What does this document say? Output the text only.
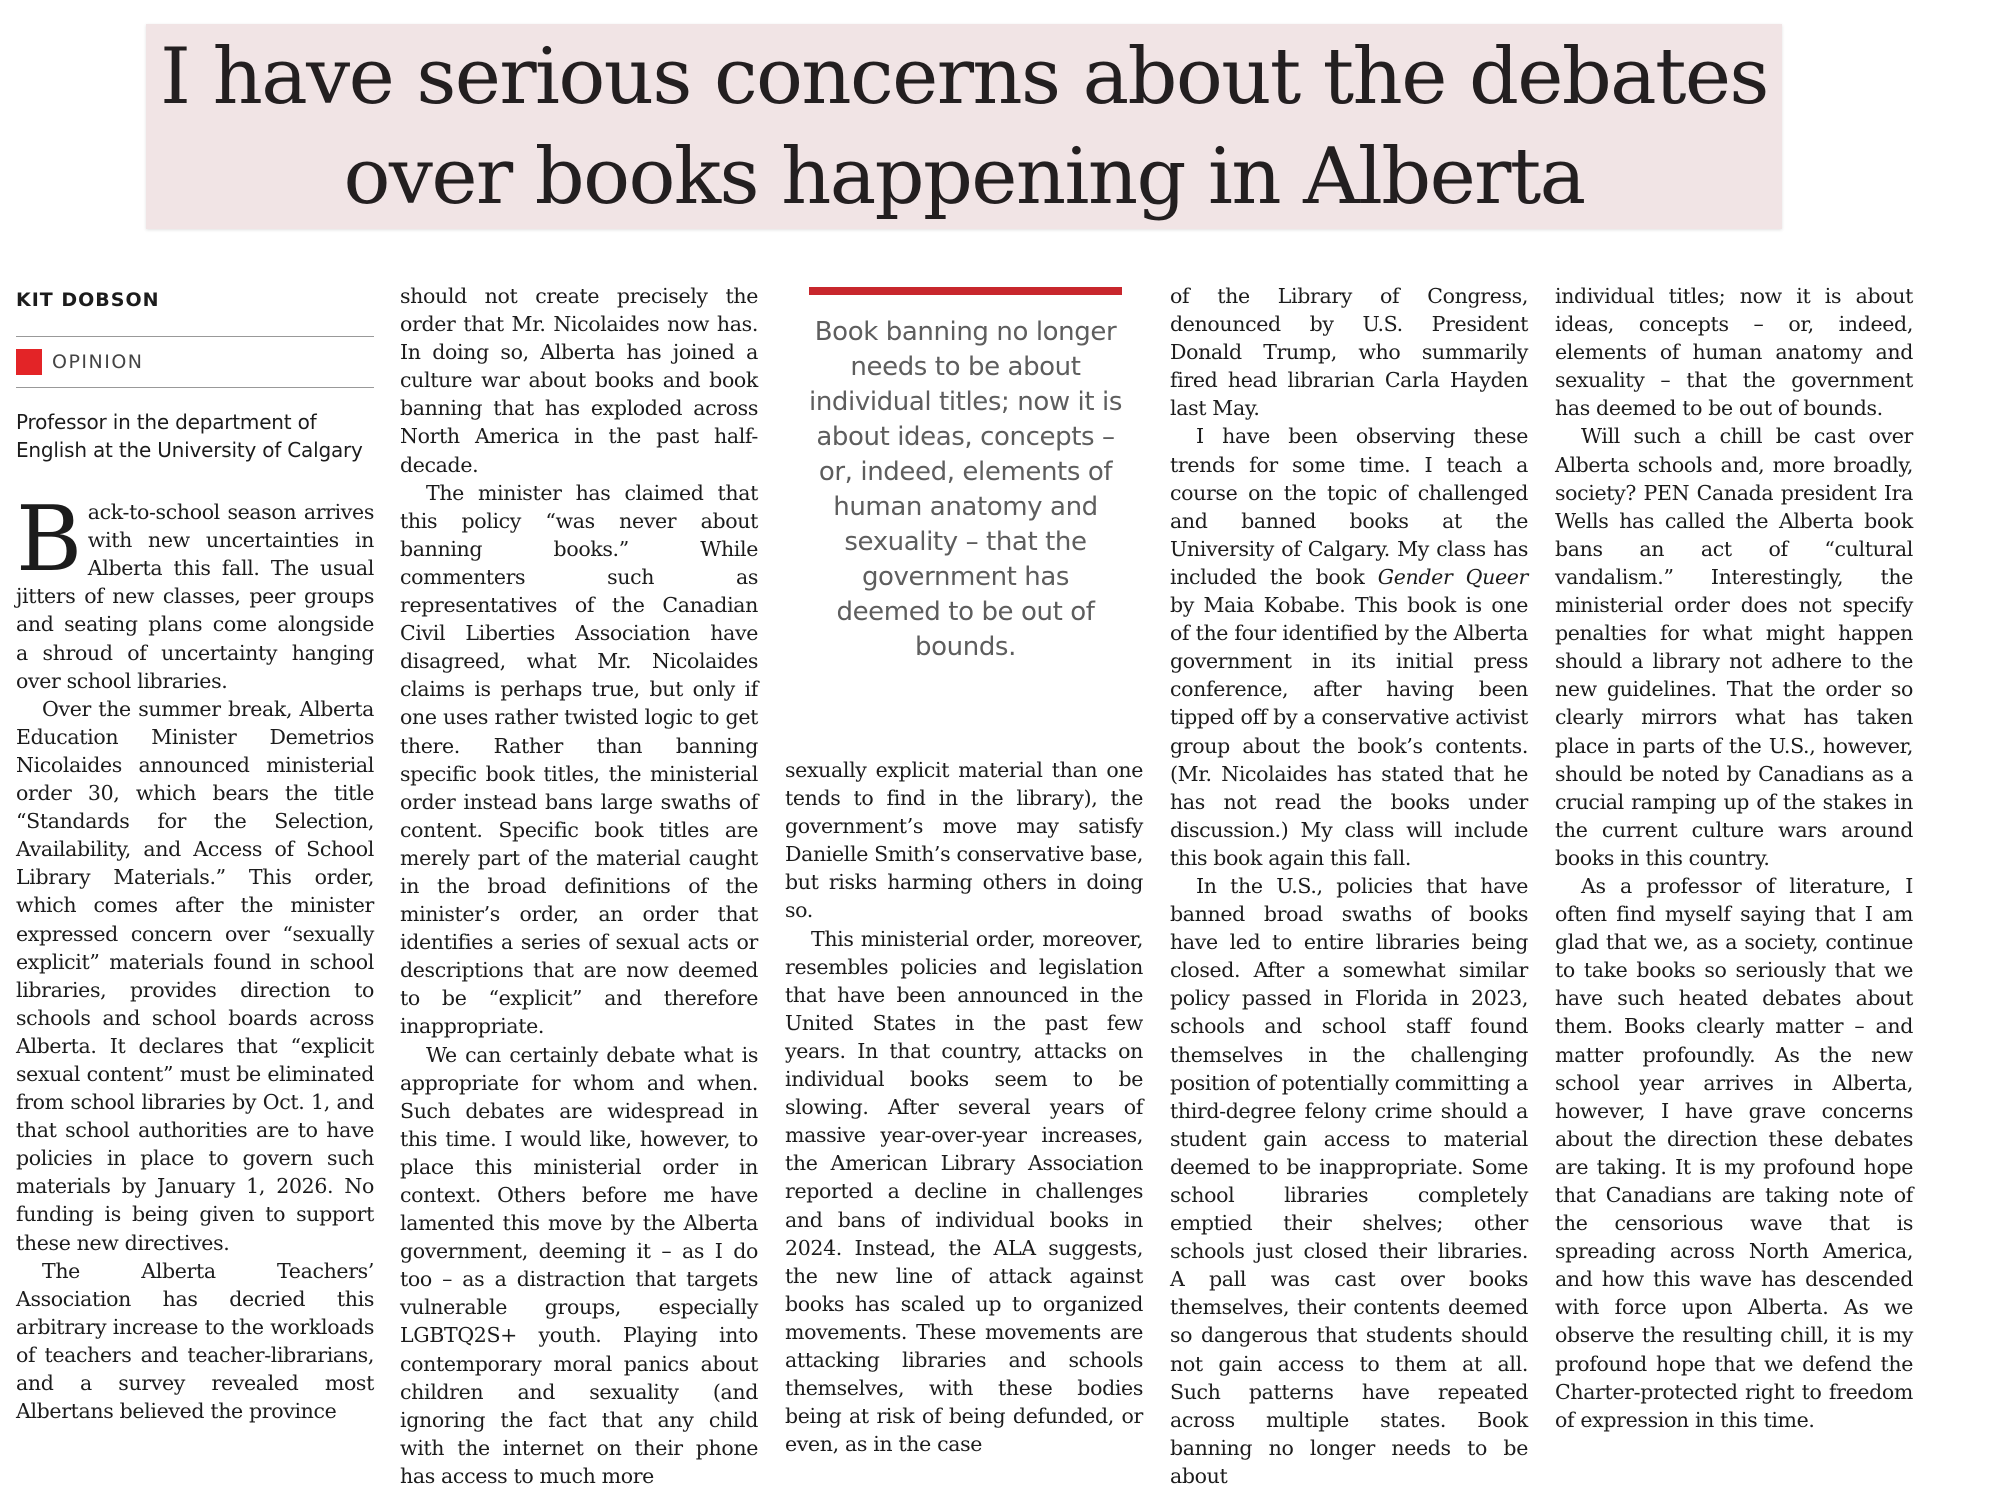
I have serious concerns about the debates
over books happening in Alberta
KIT DOBSON
OPINION
Professor in the department of English at the University of Calgary

Back-to-school season arrives with new uncertainties in Alberta this fall. The usual jitters of new classes, peer groups and seating plans come alongside a shroud of uncertainty hanging over school libraries.

Over the summer break, Alberta Education Minister Demetrios Nicolaides announced ministerial order 30, which bears the title “Standards for the Selection, Availability, and Access of School Library Materials.” This order, which comes after the minister expressed concern over “sexually explicit” materials found in school libraries, provides direction to schools and school boards across Alberta. It declares that “explicit sexual content” must be eliminated from school libraries by Oct. 1, and that school authorities are to have policies in place to govern such materials by January 1, 2026. No funding is being given to support these new directives.

The Alberta Teachers’ Association has decried this arbitrary increase to the workloads of teachers and teacher-librarians, and a survey revealed most Albertans believed the province

should not create precisely the order that Mr. Nicolaides now has. In doing so, Alberta has joined a culture war about books and book banning that has exploded across North America in the past half-decade.

The minister has claimed that this policy “was never about banning books.” While commenters such as representatives of the Canadian Civil Liberties Association have disagreed, what Mr. Nicolaides claims is perhaps true, but only if one uses rather twisted logic to get there. Rather than banning specific book titles, the ministerial order instead bans large swaths of content. Specific book titles are merely part of the material caught in the broad definitions of the minister’s order, an order that identifies a series of sexual acts or descriptions that are now deemed to be “explicit” and therefore inappropriate.

We can certainly debate what is appropriate for whom and when. Such debates are widespread in this time. I would like, however, to place this ministerial order in context. Others before me have lamented this move by the Alberta government, deeming it – as I do too – as a distraction that targets vulnerable groups, especially LGBTQ2S+ youth. Playing into contemporary moral panics about children and sexuality (and ignoring the fact that any child with the internet on their phone has access to much more

Book banning no longer needs to be about individual titles; now it is about ideas, concepts – or, indeed, elements of human anatomy and sexuality – that the government has deemed to be out of bounds.

sexually explicit material than one tends to find in the library), the government’s move may satisfy Danielle Smith’s conservative base, but risks harming others in doing so.

This ministerial order, moreover, resembles policies and legislation that have been announced in the United States in the past few years. In that country, attacks on individual books seem to be slowing. After several years of massive year-over-year increases, the American Library Association reported a decline in challenges and bans of individual books in 2024. Instead, the ALA suggests, the new line of attack against books has scaled up to organized movements. These movements are attacking libraries and schools themselves, with these bodies being at risk of being defunded, or even, as in the case

of the Library of Congress, denounced by U.S. President Donald Trump, who summarily fired head librarian Carla Hayden last May.

I have been observing these trends for some time. I teach a course on the topic of challenged and banned books at the University of Calgary. My class has included the book Gender Queer by Maia Kobabe. This book is one of the four identified by the Alberta government in its initial press conference, after having been tipped off by a conservative activist group about the book’s contents. (Mr. Nicolaides has stated that he has not read the books under discussion.) My class will include this book again this fall.

In the U.S., policies that have banned broad swaths of books have led to entire libraries being closed. After a somewhat similar policy passed in Florida in 2023, schools and school staff found themselves in the challenging position of potentially committing a third-degree felony crime should a student gain access to material deemed to be inappropriate. Some school libraries completely emptied their shelves; other schools just closed their libraries. A pall was cast over books themselves, their contents deemed so dangerous that students should not gain access to them at all. Such patterns have repeated across multiple states. Book banning no longer needs to be about

individual titles; now it is about ideas, concepts – or, indeed, elements of human anatomy and sexuality – that the government has deemed to be out of bounds.

Will such a chill be cast over Alberta schools and, more broadly, society? PEN Canada president Ira Wells has called the Alberta book bans an act of “cultural vandalism.” Interestingly, the ministerial order does not specify penalties for what might happen should a library not adhere to the new guidelines. That the order so clearly mirrors what has taken place in parts of the U.S., however, should be noted by Canadians as a crucial ramping up of the stakes in the current culture wars around books in this country.

As a professor of literature, I often find myself saying that I am glad that we, as a society, continue to take books so seriously that we have such heated debates about them. Books clearly matter – and matter profoundly. As the new school year arrives in Alberta, however, I have grave concerns about the direction these debates are taking. It is my profound hope that Canadians are taking note of the censorious wave that is spreading across North America, and how this wave has descended with force upon Alberta. As we observe the resulting chill, it is my profound hope that we defend the Charter-protected right to freedom of expression in this time.
